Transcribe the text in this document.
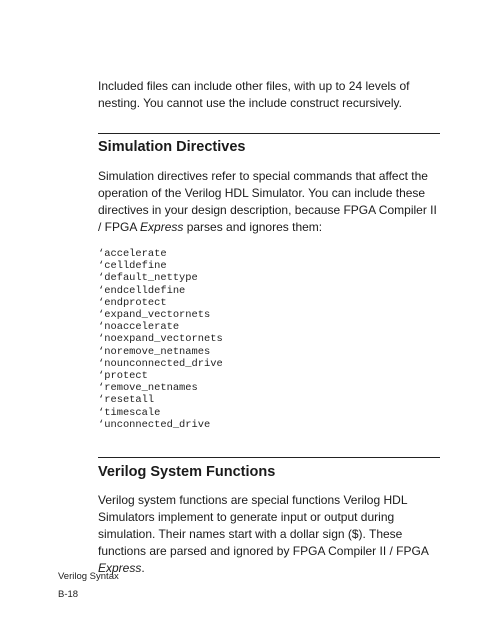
Included files can include other files, with up to 24 levels of nesting. You cannot use the include construct recursively.

Simulation Directives

Simulation directives refer to special commands that affect the operation of the Verilog HDL Simulator. You can include these directives in your design description, because FPGA Compiler II / FPGA Express parses and ignores them:

‘accelerate
‘celldefine
‘default_nettype
‘endcelldefine
‘endprotect
‘expand_vectornets
‘noaccelerate
‘noexpand_vectornets
‘noremove_netnames
‘nounconnected_drive
‘protect
‘remove_netnames
‘resetall
‘timescale
‘unconnected_drive
Verilog System Functions

Verilog system functions are special functions Verilog HDL Simulators implement to generate input or output during simulation. Their names start with a dollar sign ($). These functions are parsed and ignored by FPGA Compiler II / FPGA Express.

Verilog Syntax
B-18
